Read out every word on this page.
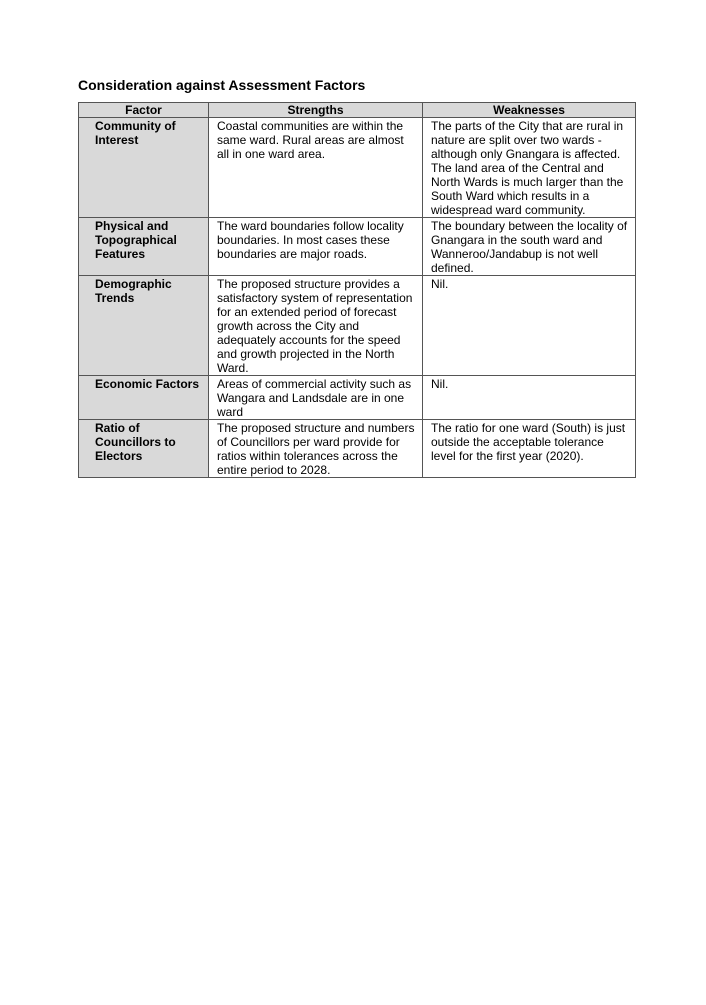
Consideration against Assessment Factors
Factor	Strengths	Weaknesses
Community of Interest	Coastal communities are within the same ward. Rural areas are almost all in one ward area.	The parts of the City that are rural in nature are split over two wards - although only Gnangara is affected. The land area of the Central and North Wards is much larger than the South Ward which results in a widespread ward community.
Physical and Topographical Features	The ward boundaries follow locality boundaries. In most cases these boundaries are major roads.	The boundary between the locality of Gnangara in the south ward and Wanneroo/Jandabup is not well defined.
Demographic Trends	The proposed structure provides a satisfactory system of representation for an extended period of forecast growth across the City and adequately accounts for the speed and growth projected in the North Ward.	Nil.
Economic Factors	Areas of commercial activity such as Wangara and Landsdale are in one ward	Nil.
Ratio of Councillors to Electors	The proposed structure and numbers of Councillors per ward provide for ratios within tolerances across the entire period to 2028.	The ratio for one ward (South) is just outside the acceptable tolerance level for the first year (2020).
